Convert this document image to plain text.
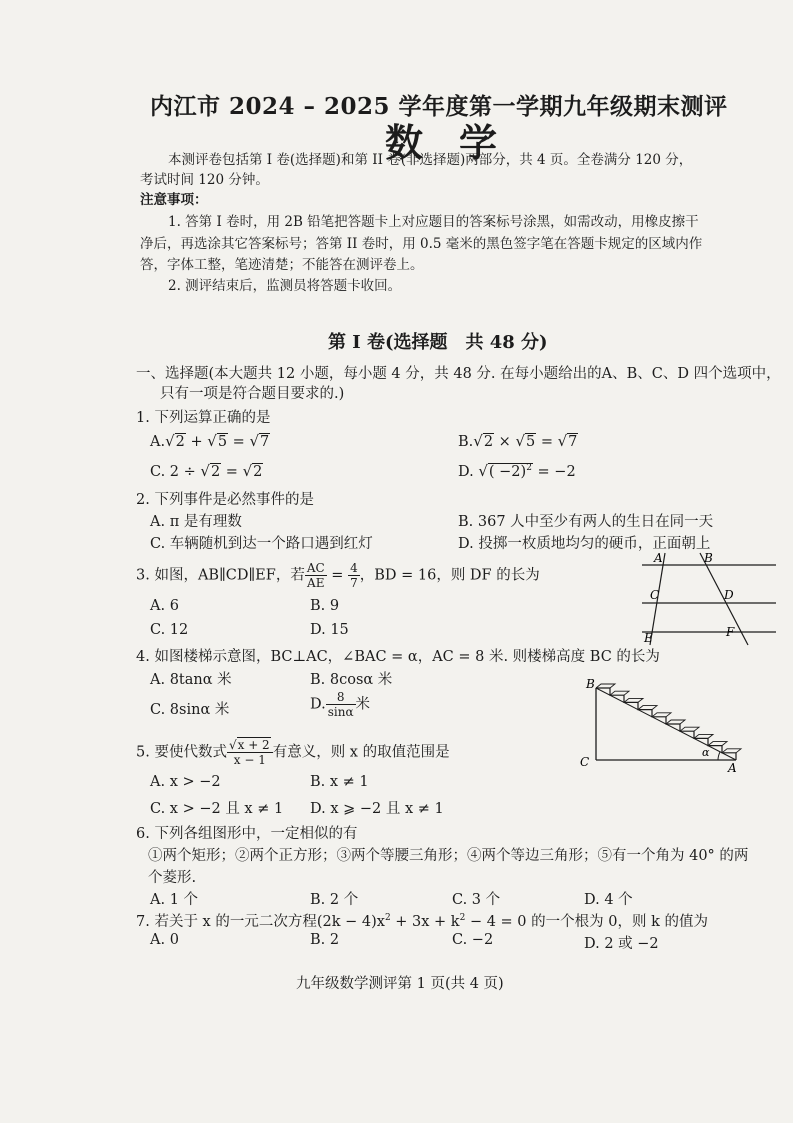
内江市 2024 – 2025 学年度第一学期九年级期末测评
数学
本测评卷包括第 I 卷(选择题)和第 II 卷(非选择题)两部分，共 4 页。全卷满分 120 分，
考试时间 120 分钟。
注意事项：
1. 答第 I 卷时，用 2B 铅笔把答题卡上对应题目的答案标号涂黑，如需改动，用橡皮擦干
净后，再选涂其它答案标号；答第 II 卷时，用 0.5 毫米的黑色签字笔在答题卡规定的区域内作
答，字体工整，笔迹清楚；不能答在测评卷上。
2. 测评结束后，监测员将答题卡收回。
第 I 卷(选择题　共 48 分)
一、选择题(本大题共 12 小题，每小题 4 分，共 48 分. 在每小题给出的A、B、C、D 四个选项中，
只有一项是符合题目要求的.)
1. 下列运算正确的是
A.√2 + √5 = √7	B.√2 × √5 = √7
C. 2 ÷ √2 = √2	D. √( −2)$^2$ = −2
2. 下列事件是必然事件的是
A. π 是有理数	B. 367 人中至少有两人的生日在同一天
C. 车辆随机到达一个路口遇到红灯	D. 投掷一枚质地均匀的硬币，正面朝上
3. 如图，AB∥CD∥EF，若 $\frac{AC}{AE} = \frac{4}{7}$ ，BD = 16，则 DF 的长为
A. 6	B. 9
C. 12	D. 15
A	B
C	D
E	F
4. 如图楼梯示意图，BC⊥AC，∠BAC = α，AC = 8 米. 则楼梯高度 BC 的长为
A. 8tanα 米	B. 8cosα 米
C. 8sinα 米	D. $\frac{8}{\sin\alpha}$ 米
B
C	A
α
5. 要使代数式 $\frac{√x + 2}{x - 1}$ 有意义，则 x 的取值范围是
A. x > −2	B. x ≠ 1
C. x > −2 且 x ≠ 1 D. x ⩾ −2 且 x ≠ 1
6. 下列各组图形中，一定相似的有
①两个矩形；②两个正方形；③两个等腰三角形；④两个等边三角形；⑤有一个角为 40° 的两
个菱形.
A. 1 个	B. 2 个	C. 3 个	D. 4 个
7. 若关于 x 的一元二次方程$(2k - 4)x^2 + 3x + k^2 - 4 = 0$ 的一个根为 0，则 k 的值为
A. 0	B. 2	C. −2	D. 2 或 −2
九年级数学测评第 1 页(共 4 页)
